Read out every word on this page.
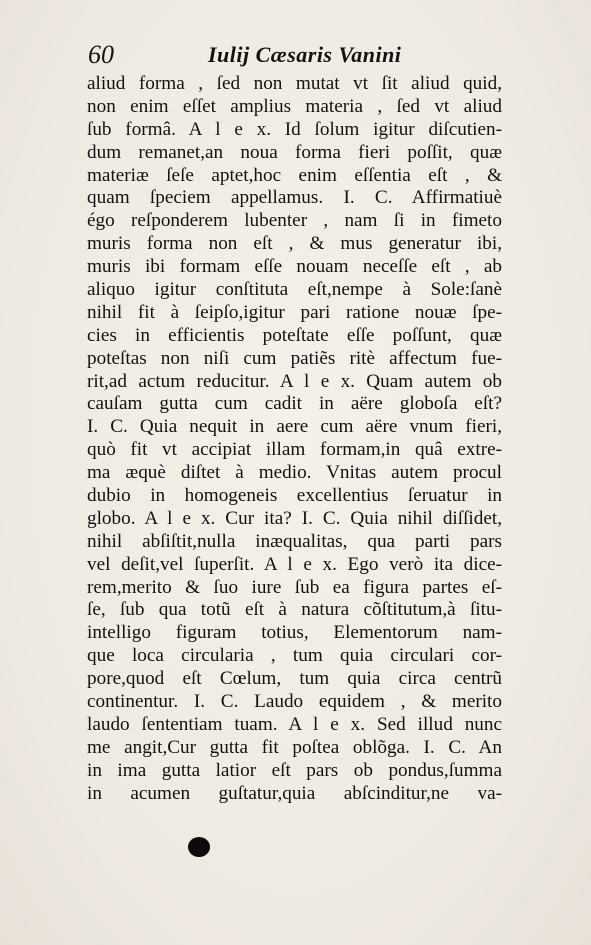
60	Iulij Cæsaris Vanini
aliud forma , ſed non mutat vt ſit aliud quid,
non enim eſſet amplius materia , ſed vt aliud
ſub formâ. A l e x. Id ſolum igitur diſcutien-
dum remanet,an noua forma fieri poſſit, quæ
materiæ ſeſe aptet,hoc enim eſſentia eſt , &
quam ſpeciem appellamus. I. C. Affirmatiuè
égo reſponderem lubenter , nam ſi in fimeto
muris forma non eſt , & mus generatur ibi,
muris ibi formam eſſe nouam neceſſe eſt , ab
aliquo igitur conſtituta eſt,nempe à Sole:ſanè
nihil fit à ſeipſo,igitur pari ratione nouæ ſpe-
cies in efficientis poteſtate eſſe poſſunt, quæ
poteſtas non niſi cum patiẽs ritè affectum fue-
rit,ad actum reducitur. A l e x. Quam autem ob
cauſam gutta cum cadit in aëre globoſa eſt?
I. C. Quia nequit in aere cum aëre vnum fieri,
quò fit vt accipiat illam formam,in quâ extre-
ma æquè diſtet à medio. Vnitas autem procul
dubio in homogeneis excellentius ſeruatur in
globo. A l e x. Cur ita? I. C. Quia nihil diſſidet,
nihil abſiſtit,nulla inæqualitas, qua parti pars
vel deſit,vel ſuperſit. A l e x. Ego verò ita dice-
rem,merito & ſuo iure ſub ea figura partes eſ-
ſe, ſub qua totũ eſt à natura cõſtitutum,à ſitu-
intelligo figuram totius, Elementorum nam-
que loca circularia , tum quia circulari cor-
pore,quod eſt Cœlum, tum quia circa centrũ
continentur. I. C. Laudo equidem , & merito
laudo ſententiam tuam. A l e x. Sed illud nunc
me angit,Cur gutta fit poſtea oblõga. I. C. An
in ima gutta latior eſt pars ob pondus,ſumma
in acumen guſtatur,quia abſcinditur,ne va-
